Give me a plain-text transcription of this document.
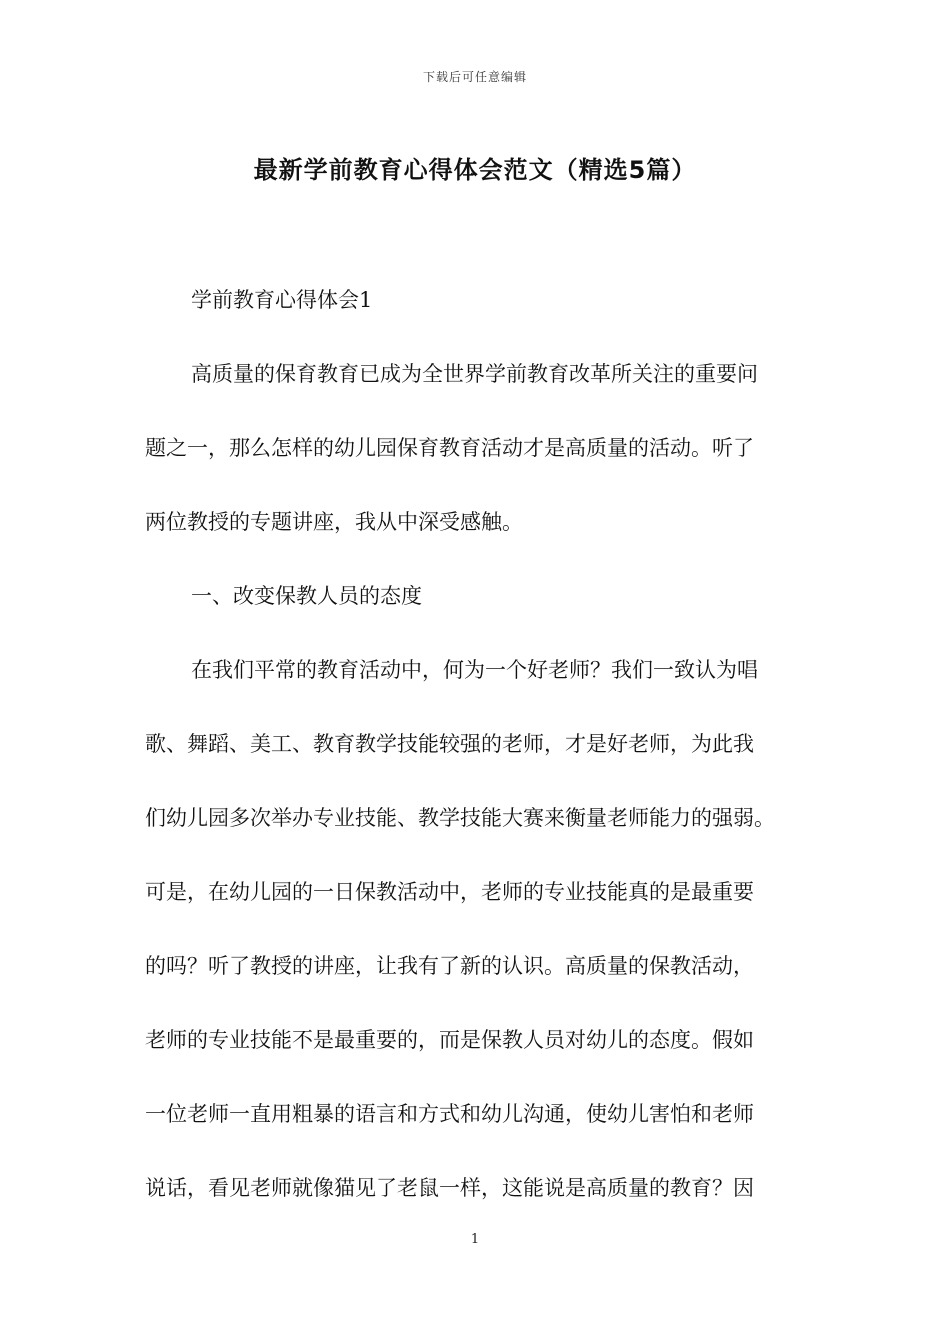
下载后可任意编辑
最新学前教育心得体会范文（精选5篇）
学前教育心得体会1
高质量的保育教育已成为全世界学前教育改革所关注的重要问
题之一，那么怎样的幼儿园保育教育活动才是高质量的活动。听了
两位教授的专题讲座，我从中深受感触。
一、改变保教人员的态度
在我们平常的教育活动中，何为一个好老师？我们一致认为唱
歌、舞蹈、美工、教育教学技能较强的老师，才是好老师，为此我
们幼儿园多次举办专业技能、教学技能大赛来衡量老师能力的强弱。
可是，在幼儿园的一日保教活动中，老师的专业技能真的是最重要
的吗？听了教授的讲座，让我有了新的认识。高质量的保教活动，
老师的专业技能不是最重要的，而是保教人员对幼儿的态度。假如
一位老师一直用粗暴的语言和方式和幼儿沟通，使幼儿害怕和老师
说话，看见老师就像猫见了老鼠一样，这能说是高质量的教育？因
1
